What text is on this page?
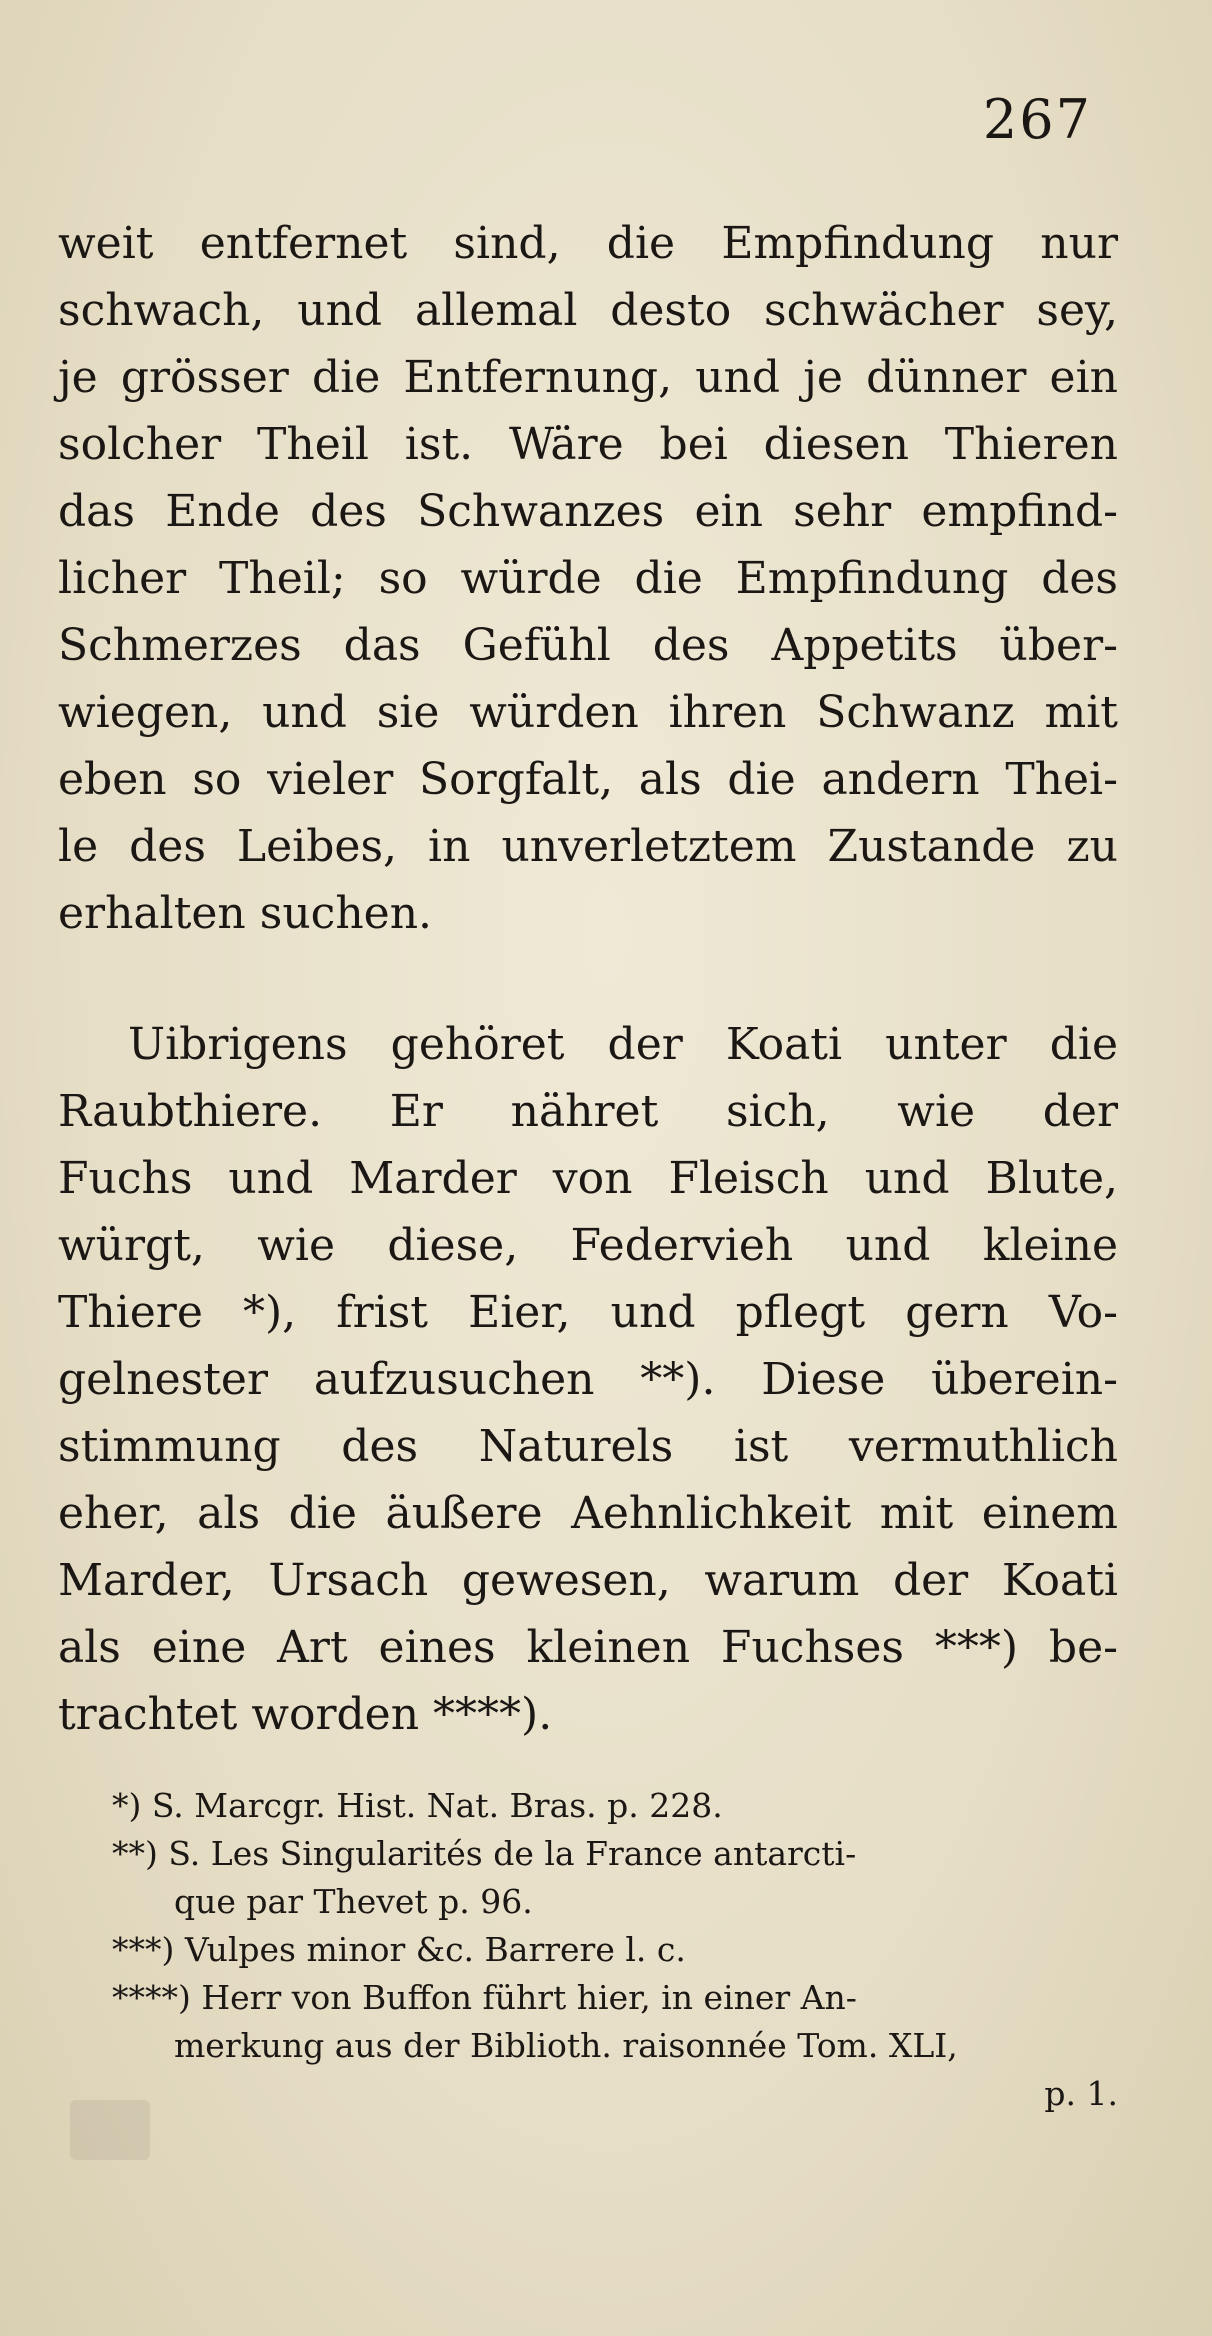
267
weit entfernet sind, die Empfindung nur
schwach, und allemal desto schwächer sey,
je grösser die Entfernung, und je dünner ein
solcher Theil ist. Wäre bei diesen Thieren
das Ende des Schwanzes ein sehr empfind-
licher Theil; so würde die Empfindung des
Schmerzes das Gefühl des Appetits über-
wiegen, und sie würden ihren Schwanz mit
eben so vieler Sorgfalt, als die andern Thei-
le des Leibes, in unverletztem Zustande zu
erhalten suchen.
Uibrigens gehöret der Koati unter die
Raubthiere. Er nähret sich, wie der
Fuchs und Marder von Fleisch und Blute,
würgt, wie diese, Federvieh und kleine
Thiere *), frist Eier, und pflegt gern Vo-
gelnester aufzusuchen **). Diese überein-
stimmung des Naturels ist vermuthlich
eher, als die äußere Aehnlichkeit mit einem
Marder, Ursach gewesen, warum der Koati
als eine Art eines kleinen Fuchses ***) be-
trachtet worden ****).
*) S. Marcgr. Hist. Nat. Bras. p. 228.
**) S. Les Singularités de la France antarcti-
que par Thevet p. 96.
***) Vulpes minor &c. Barrere l. c.
****) Herr von Buffon führt hier, in einer An-
merkung aus der Biblioth. raisonnée Tom. XLI,
p. 1.
